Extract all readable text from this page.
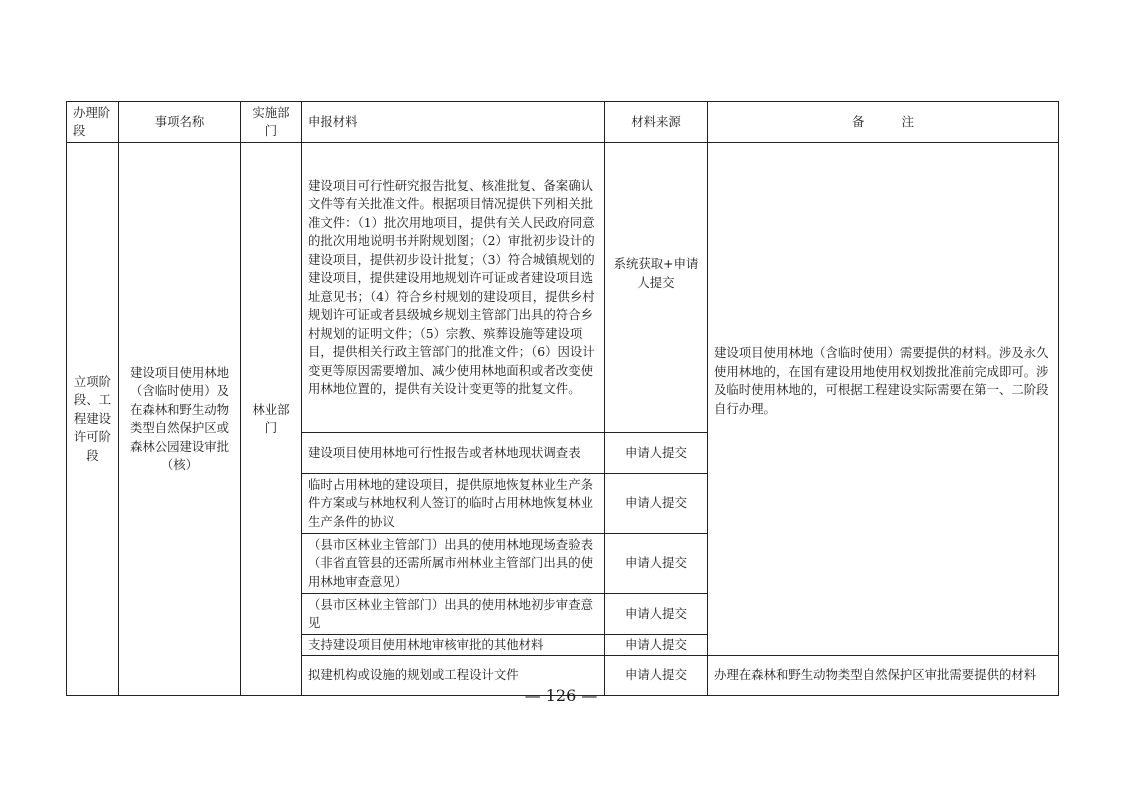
办理阶段	事项名称	实施部门	申报材料	材料来源	备　　　注
立项阶段、工程建设许可阶段	建设项目使用林地（含临时使用）及在森林和野生动物类型自然保护区或森林公园建设审批（核）	林业部门	建设项目可行性研究报告批复、核准批复、备案确认文件等有关批准文件。根据项目情况提供下列相关批准文件：（1）批次用地项目，提供有关人民政府同意的批次用地说明书并附规划图；（2）审批初步设计的建设项目，提供初步设计批复；（3）符合城镇规划的建设项目，提供建设用地规划许可证或者建设项目选址意见书；（4）符合乡村规划的建设项目，提供乡村规划许可证或者县级城乡规划主管部门出具的符合乡村规划的证明文件；（5）宗教、殡葬设施等建设项目，提供相关行政主管部门的批准文件；（6）因设计变更等原因需要增加、减少使用林地面积或者改变使用林地位置的，提供有关设计变更等的批复文件。	系统获取+申请人提交	建设项目使用林地（含临时使用）需要提供的材料。涉及永久使用林地的，在国有建设用地使用权划拨批准前完成即可。涉及临时使用林地的，可根据工程建设实际需要在第一、二阶段自行办理。
			建设项目使用林地可行性报告或者林地现状调查表	申请人提交	
			临时占用林地的建设项目，提供原地恢复林业生产条件方案或与林地权利人签订的临时占用林地恢复林业生产条件的协议	申请人提交	
			（县市区林业主管部门）出具的使用林地现场查验表（非省直管县的还需所属市州林业主管部门出具的使用林地审查意见）	申请人提交	
			（县市区林业主管部门）出具的使用林地初步审查意见	申请人提交	
			支持建设项目使用林地审核审批的其他材料	申请人提交	
			拟建机构或设施的规划或工程设计文件	申请人提交	办理在森林和野生动物类型自然保护区审批需要提供的材料
— 126 —
